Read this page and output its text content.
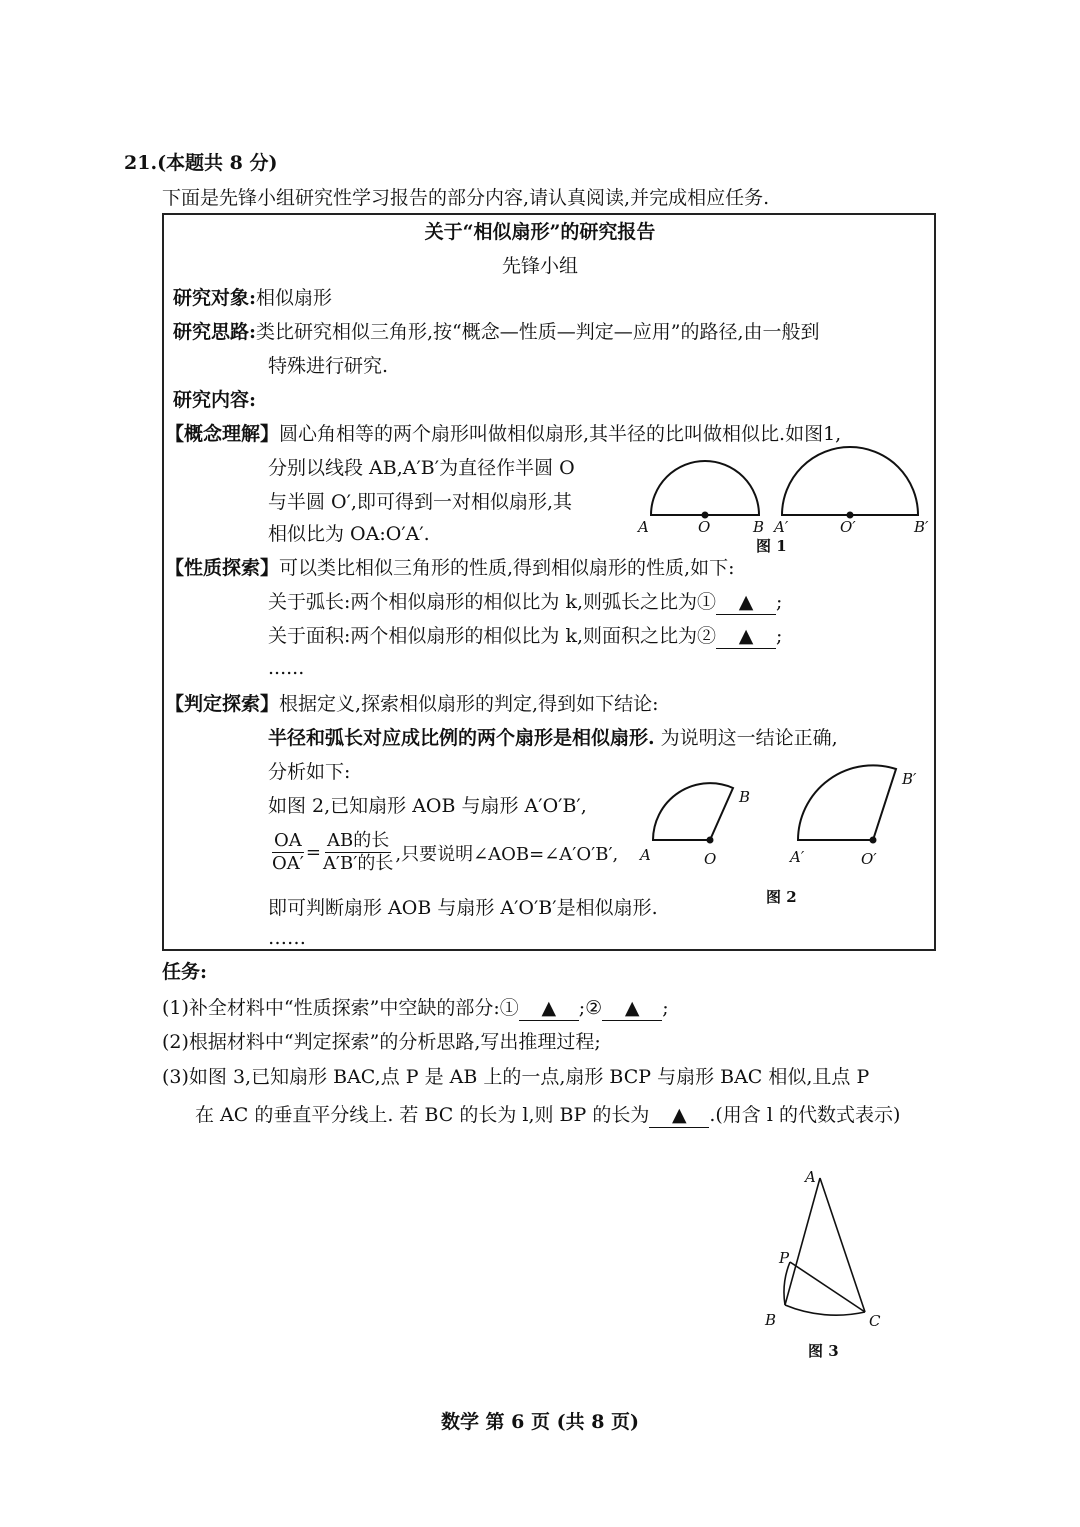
21.(本题共 8 分)
下面是先锋小组研究性学习报告的部分内容,请认真阅读,并完成相应任务.
关于“相似扇形”的研究报告
先锋小组
研究对象:相似扇形
研究思路:类比研究相似三角形,按“概念—性质—判定—应用”的路径,由一般到
特殊进行研究.
研究内容:
【概念理解】圆心角相等的两个扇形叫做相似扇形,其半径的比叫做相似比.如图1,
分别以线段 AB,A′B′为直径作半圆 O
与半圆 O′,即可得到一对相似扇形,其
相似比为 OA:O′A′.
【性质探索】可以类比相似三角形的性质,得到相似扇形的性质,如下:
关于弧长:两个相似扇形的相似比为 k,则弧长之比为① ▲ ;
关于面积:两个相似扇形的相似比为 k,则面积之比为② ▲ ;
......
【判定探索】根据定义,探索相似扇形的判定,得到如下结论:
半径和弧长对应成比例的两个扇形是相似扇形. 为说明这一结论正确,
分析如下:
如图 2,已知扇形 AOB 与扇形 A′O′B′,
$\frac{OA}{OA'}$ =
AB的长
A′B′的长 ,只要说明∠AOB=∠A′O′B′,
即可判断扇形 AOB 与扇形 A′O′B′是相似扇形.
……
任务:
(1)补全材料中“性质探索”中空缺的部分:① ▲ ;② ▲ ;
(2)根据材料中“判定探索”的分析思路,写出推理过程;
(3)如图 3,已知扇形 BAC,点 P 是 AB 上的一点,扇形 BCP 与扇形 BAC 相似,且点 P
在 AC 的垂直平分线上. 若 BC 的长为 l,则 BP 的长为 ▲ .(用含 l 的代数式表示)
A	O	B A′	O′	B′
图 1
A	O
B
A′	O′
B′
图 2
A
P
B	C
图 3
数学 第 6 页 (共 8 页)
